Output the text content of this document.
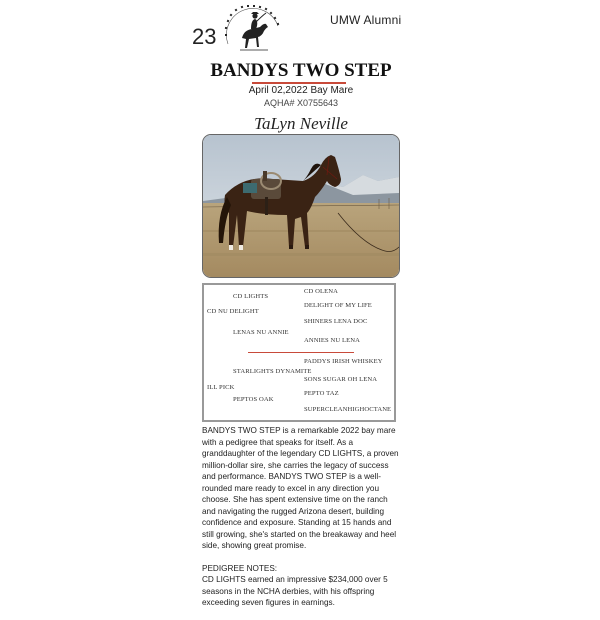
23
UMW Alumni
BANDYS TWO STEP
April 02,2022 Bay Mare
AQHA# X0755643
TaLyn Neville
CD LIGHTS
CD OLENA
DELIGHT OF MY LIFE
CD NU DELIGHT
SHINERS LENA DOC
LENAS NU ANNIE
ANNIES NU LENA
PADDYS IRISH WHISKEY
STARLIGHTS DYNAMITE
SONS SUGAR OH LENA
ILL PICK
PEPTO TAZ
PEPTOS OAK
SUPERCLEANHIGHOCTANE

BANDYS TWO STEP is a remarkable 2022 bay mare with a pedigree that speaks for itself. As a granddaughter of the legendary CD LIGHTS, a proven million-dollar sire, she carries the legacy of success and performance. BANDYS TWO STEP is a well-rounded mare ready to excel in any direction you choose. She has spent extensive time on the ranch and navigating the rugged Arizona desert, building confidence and exposure. Standing at 15 hands and still growing, she's started on the breakaway and heel side, showing great promise.

PEDIGREE NOTES:
CD LIGHTS earned an impressive $234,000 over 5 seasons in the NCHA derbies, with his offspring exceeding seven figures in earnings.
